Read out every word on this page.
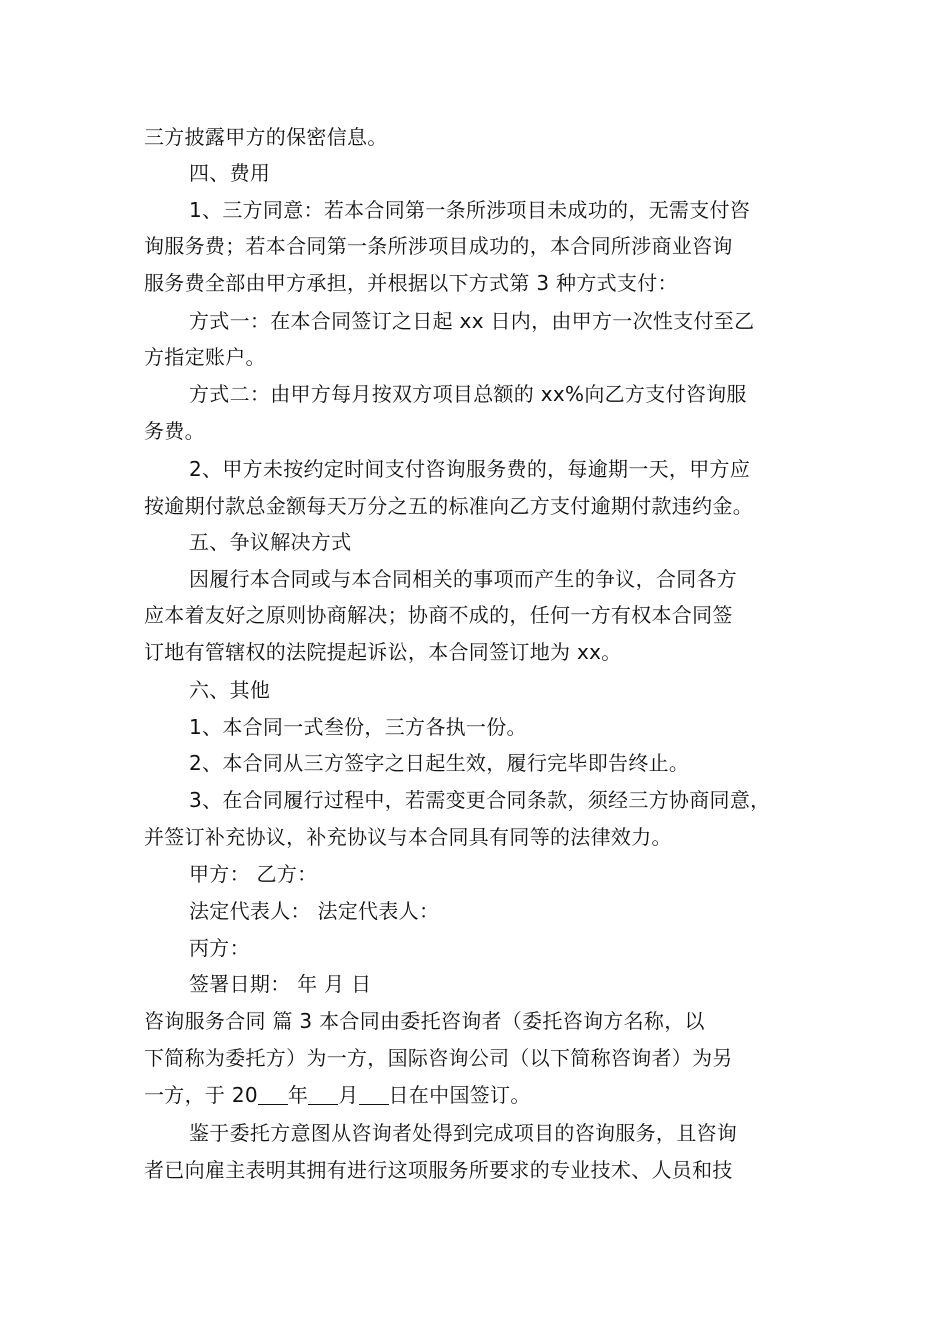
三方披露甲方的保密信息。
四、费用
1、三方同意：若本合同第一条所涉项目未成功的，无需支付咨
询服务费；若本合同第一条所涉项目成功的，本合同所涉商业咨询
服务费全部由甲方承担，并根据以下方式第 3 种方式支付：
方式一：在本合同签订之日起 xx 日内，由甲方一次性支付至乙
方指定账户。
方式二：由甲方每月按双方项目总额的 xx%向乙方支付咨询服
务费。
2、甲方未按约定时间支付咨询服务费的，每逾期一天，甲方应
按逾期付款总金额每天万分之五的标准向乙方支付逾期付款违约金。
五、争议解决方式
因履行本合同或与本合同相关的事项而产生的争议，合同各方
应本着友好之原则协商解决；协商不成的，任何一方有权本合同签
订地有管辖权的法院提起诉讼，本合同签订地为 xx。
六、其他
1、本合同一式叁份，三方各执一份。
2、本合同从三方签字之日起生效，履行完毕即告终止。
3、在合同履行过程中，若需变更合同条款，须经三方协商同意，
并签订补充协议，补充协议与本合同具有同等的法律效力。
甲方： 乙方：
法定代表人： 法定代表人：
丙方：
签署日期： 年 月 日
咨询服务合同 篇 3 本合同由委托咨询者（委托咨询方名称，以
下简称为委托方）为一方，国际咨询公司（以下简称咨询者）为另
一方，于 20 年 月 日在中国签订。
鉴于委托方意图从咨询者处得到完成项目的咨询服务，且咨询
者已向雇主表明其拥有进行这项服务所要求的专业技术、人员和技
